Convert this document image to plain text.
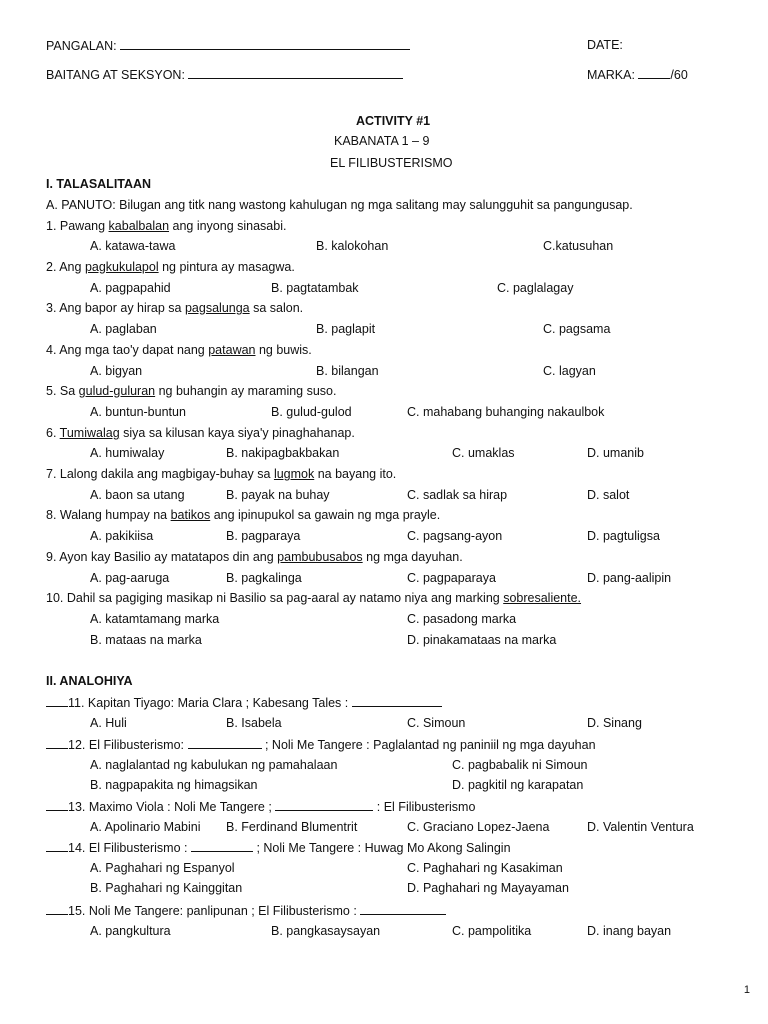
PANGALAN:	DATE:
BAITANG AT SEKSYON:	MARKA:	/60
ACTIVITY #1
KABANATA 1 – 9
EL FILIBUSTERISMO
I. TALASALITAAN
A. PANUTO: Bilugan ang titk nang wastong kahulugan ng mga salitang may salungguhit sa pangungusap.
1. Pawang kabalbalan ang inyong sinasabi.
A. katawa-tawa	B. kalokohan	C.katusuhan
2. Ang pagkukulapol ng pintura ay masagwa.
A. pagpapahid	B. pagtatambak	C. paglalagay
3. Ang bapor ay hirap sa pagsalunga sa salon.
A. paglaban	B. paglapit	C. pagsama
4. Ang mga tao'y dapat nang patawan ng buwis.
A. bigyan	B. bilangan	C. lagyan
5. Sa gulud-guluran ng buhangin ay maraming suso.
A. buntun-buntun	B. gulud-gulod	C. mahabang buhanging nakaulbok
6. Tumiwalag siya sa kilusan kaya siya'y pinaghahanap.
A. humiwalay	B. nakipagbakbakan	C. umaklas	D. umanib
7. Lalong dakila ang magbigay-buhay sa lugmok na bayang ito.
A. baon sa utang	B. payak na buhay	C. sadlak sa hirap	D. salot
8. Walang humpay na batikos ang ipinupukol sa gawain ng mga prayle.
A. pakikiisa	B. pagparaya	C. pagsang-ayon	D. pagtuligsa
9. Ayon kay Basilio ay matatapos din ang pambubusabos ng mga dayuhan.
A. pag-aaruga	B. pagkalinga	C. pagpaparaya	D. pang-aalipin
10. Dahil sa pagiging masikap ni Basilio sa pag-aaral ay natamo niya ang marking sobresaliente.
A. katamtamang marka	C. pasadong marka
B. mataas na marka	D. pinakamataas na marka
II. ANALOHIYA
11. Kapitan Tiyago: Maria Clara ; Kabesang Tales :
A. Huli	B. Isabela	C. Simoun	D. Sinang
12. El Filibusterismo:	; Noli Me Tangere : Paglalantad ng paniniil ng mga dayuhan
A. naglalantad ng kabulukan ng pamahalaan	C. pagbabalik ni Simoun
B. nagpapakita ng himagsikan	D. pagkitil ng karapatan
13. Maximo Viola : Noli Me Tangere ;	: El Filibusterismo
A. Apolinario Mabini B. Ferdinand Blumentrit	C. Graciano Lopez-Jaena	D. Valentin Ventura
14. El Filibusterismo :	; Noli Me Tangere : Huwag Mo Akong Salingin
A. Paghahari ng Espanyol	C. Paghahari ng Kasakiman
B. Paghahari ng Kainggitan	D. Paghahari ng Mayayaman
15. Noli Me Tangere: panlipunan ; El Filibusterismo :
A. pangkultura	B. pangkasaysayan	C. pampolitika	D. inang bayan
1
